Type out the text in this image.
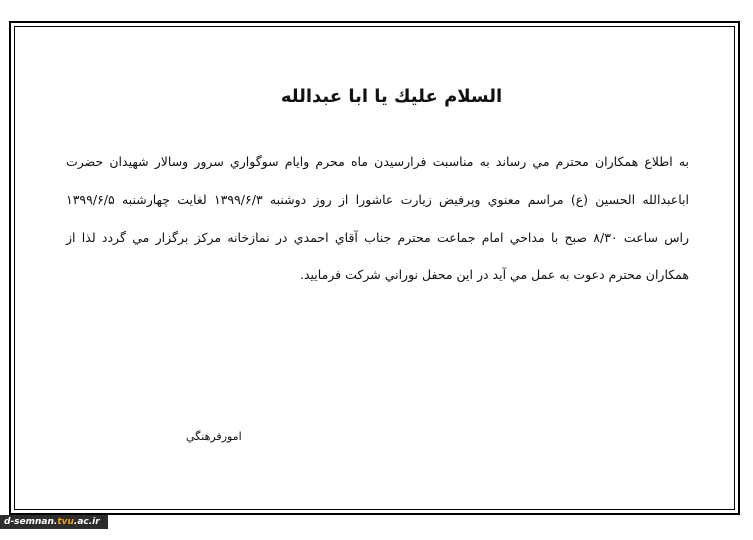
السلام عليك يا ابا عبدالله
به اطلاع همكاران محترم مي رساند به مناسبت فرارسيدن ماه محرم وايام سوگواري سرور وسالار شهيدان حضرت
اباعبدالله الحسين (ع) مراسم معنوي وپرفيض زيارت عاشورا از روز دوشنبه ۱۳۹۹/۶/۳ لغايت چهارشنبه ۱۳۹۹/۶/۵
راس ساعت ۸/۳۰ صبح با مداحي امام جماعت محترم جناب آقاي احمدي در نمازخانه مركز برگزار مي گردد لذا از
همكاران محترم دعوت به عمل مي آيد در اين محفل نوراني شركت فرماييد.
امورفرهنگي
d-semnan.tvu.ac.ir
